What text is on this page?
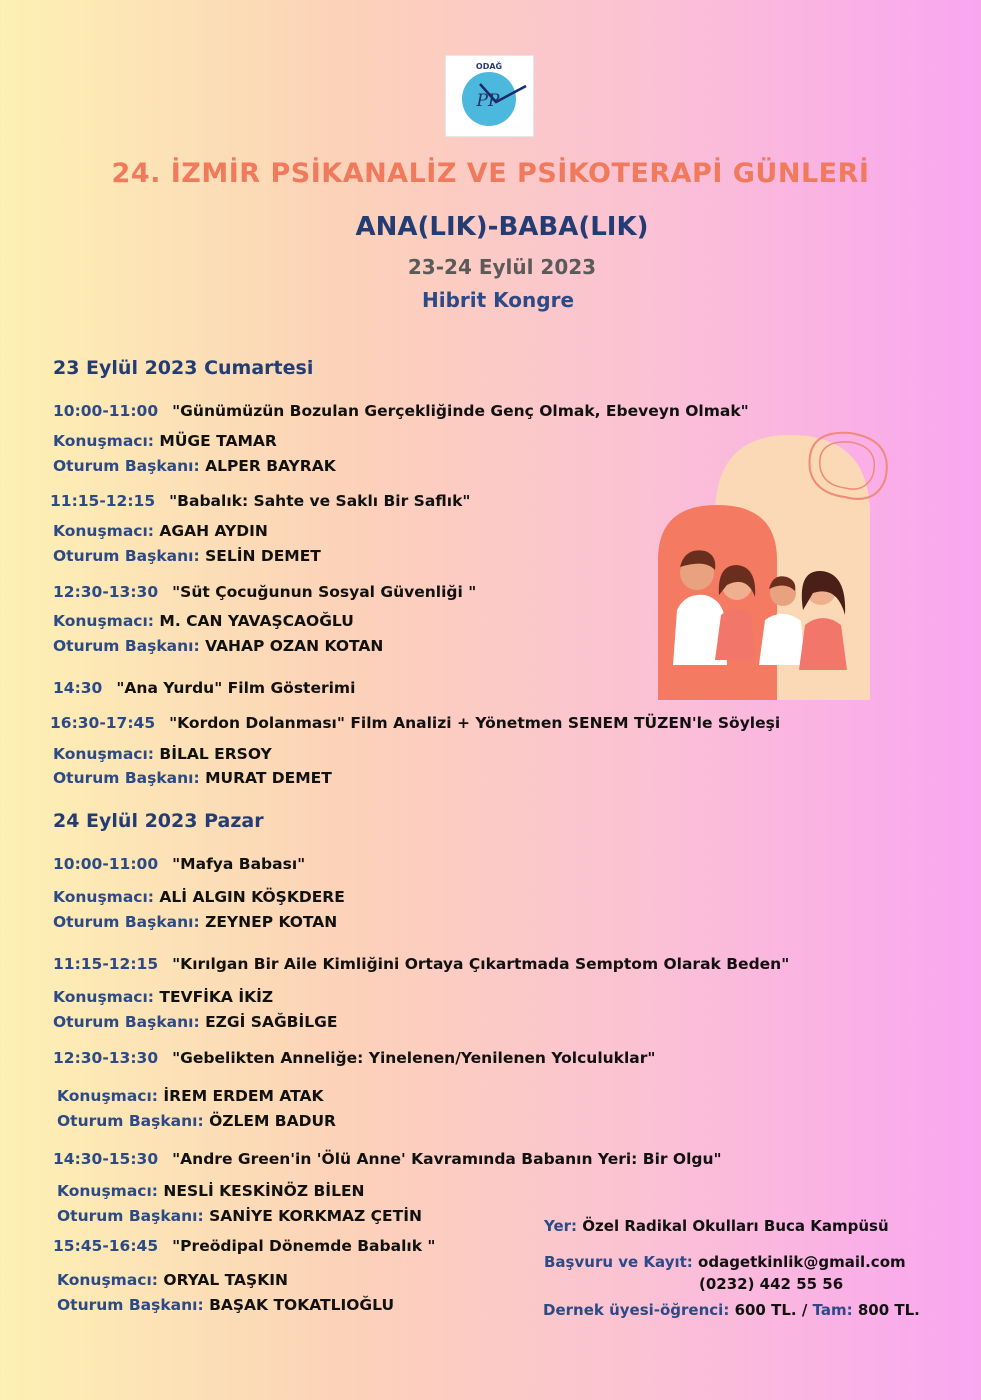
ODAĞ
PP
24. İZMİR PSİKANALİZ VE PSİKOTERAPİ GÜNLERİ
ANA(LIK)-BABA(LIK)
23-24 Eylül 2023
Hibrit Kongre
23 Eylül 2023 Cumartesi
10:00-11:00 "Günümüzün Bozulan Gerçekliğinde Genç Olmak, Ebeveyn Olmak"
Konuşmacı: MÜGE TAMAR
Oturum Başkanı: ALPER BAYRAK
11:15-12:15 "Babalık: Sahte ve Saklı Bir Saflık"
Konuşmacı: AGAH AYDIN
Oturum Başkanı: SELİN DEMET
12:30-13:30 "Süt Çocuğunun Sosyal Güvenliği "
Konuşmacı: M. CAN YAVAŞCAOĞLU
Oturum Başkanı: VAHAP OZAN KOTAN
14:30 "Ana Yurdu" Film Gösterimi
16:30-17:45 "Kordon Dolanması" Film Analizi + Yönetmen SENEM TÜZEN'le Söyleşi
Konuşmacı: BİLAL ERSOY
Oturum Başkanı: MURAT DEMET
24 Eylül 2023 Pazar
10:00-11:00 "Mafya Babası"
Konuşmacı: ALİ ALGIN KÖŞKDERE
Oturum Başkanı: ZEYNEP KOTAN
11:15-12:15 "Kırılgan Bir Aile Kimliğini Ortaya Çıkartmada Semptom Olarak Beden"
Konuşmacı: TEVFİKA İKİZ
Oturum Başkanı: EZGİ SAĞBİLGE
12:30-13:30 "Gebelikten Anneliğe: Yinelenen/Yenilenen Yolculuklar"
Konuşmacı: İREM ERDEM ATAK
Oturum Başkanı: ÖZLEM BADUR
14:30-15:30 "Andre Green'in 'Ölü Anne' Kavramında Babanın Yeri: Bir Olgu"
Konuşmacı: NESLİ KESKİNÖZ BİLEN
Oturum Başkanı: SANİYE KORKMAZ ÇETİN
15:45-16:45 "Preödipal Dönemde Babalık "
Konuşmacı: ORYAL TAŞKIN
Oturum Başkanı: BAŞAK TOKATLIOĞLU
Yer: Özel Radikal Okulları Buca Kampüsü
Başvuru ve Kayıt: odagetkinlik@gmail.com
(0232) 442 55 56
Dernek üyesi-öğrenci: 600 TL. / Tam: 800 TL.
